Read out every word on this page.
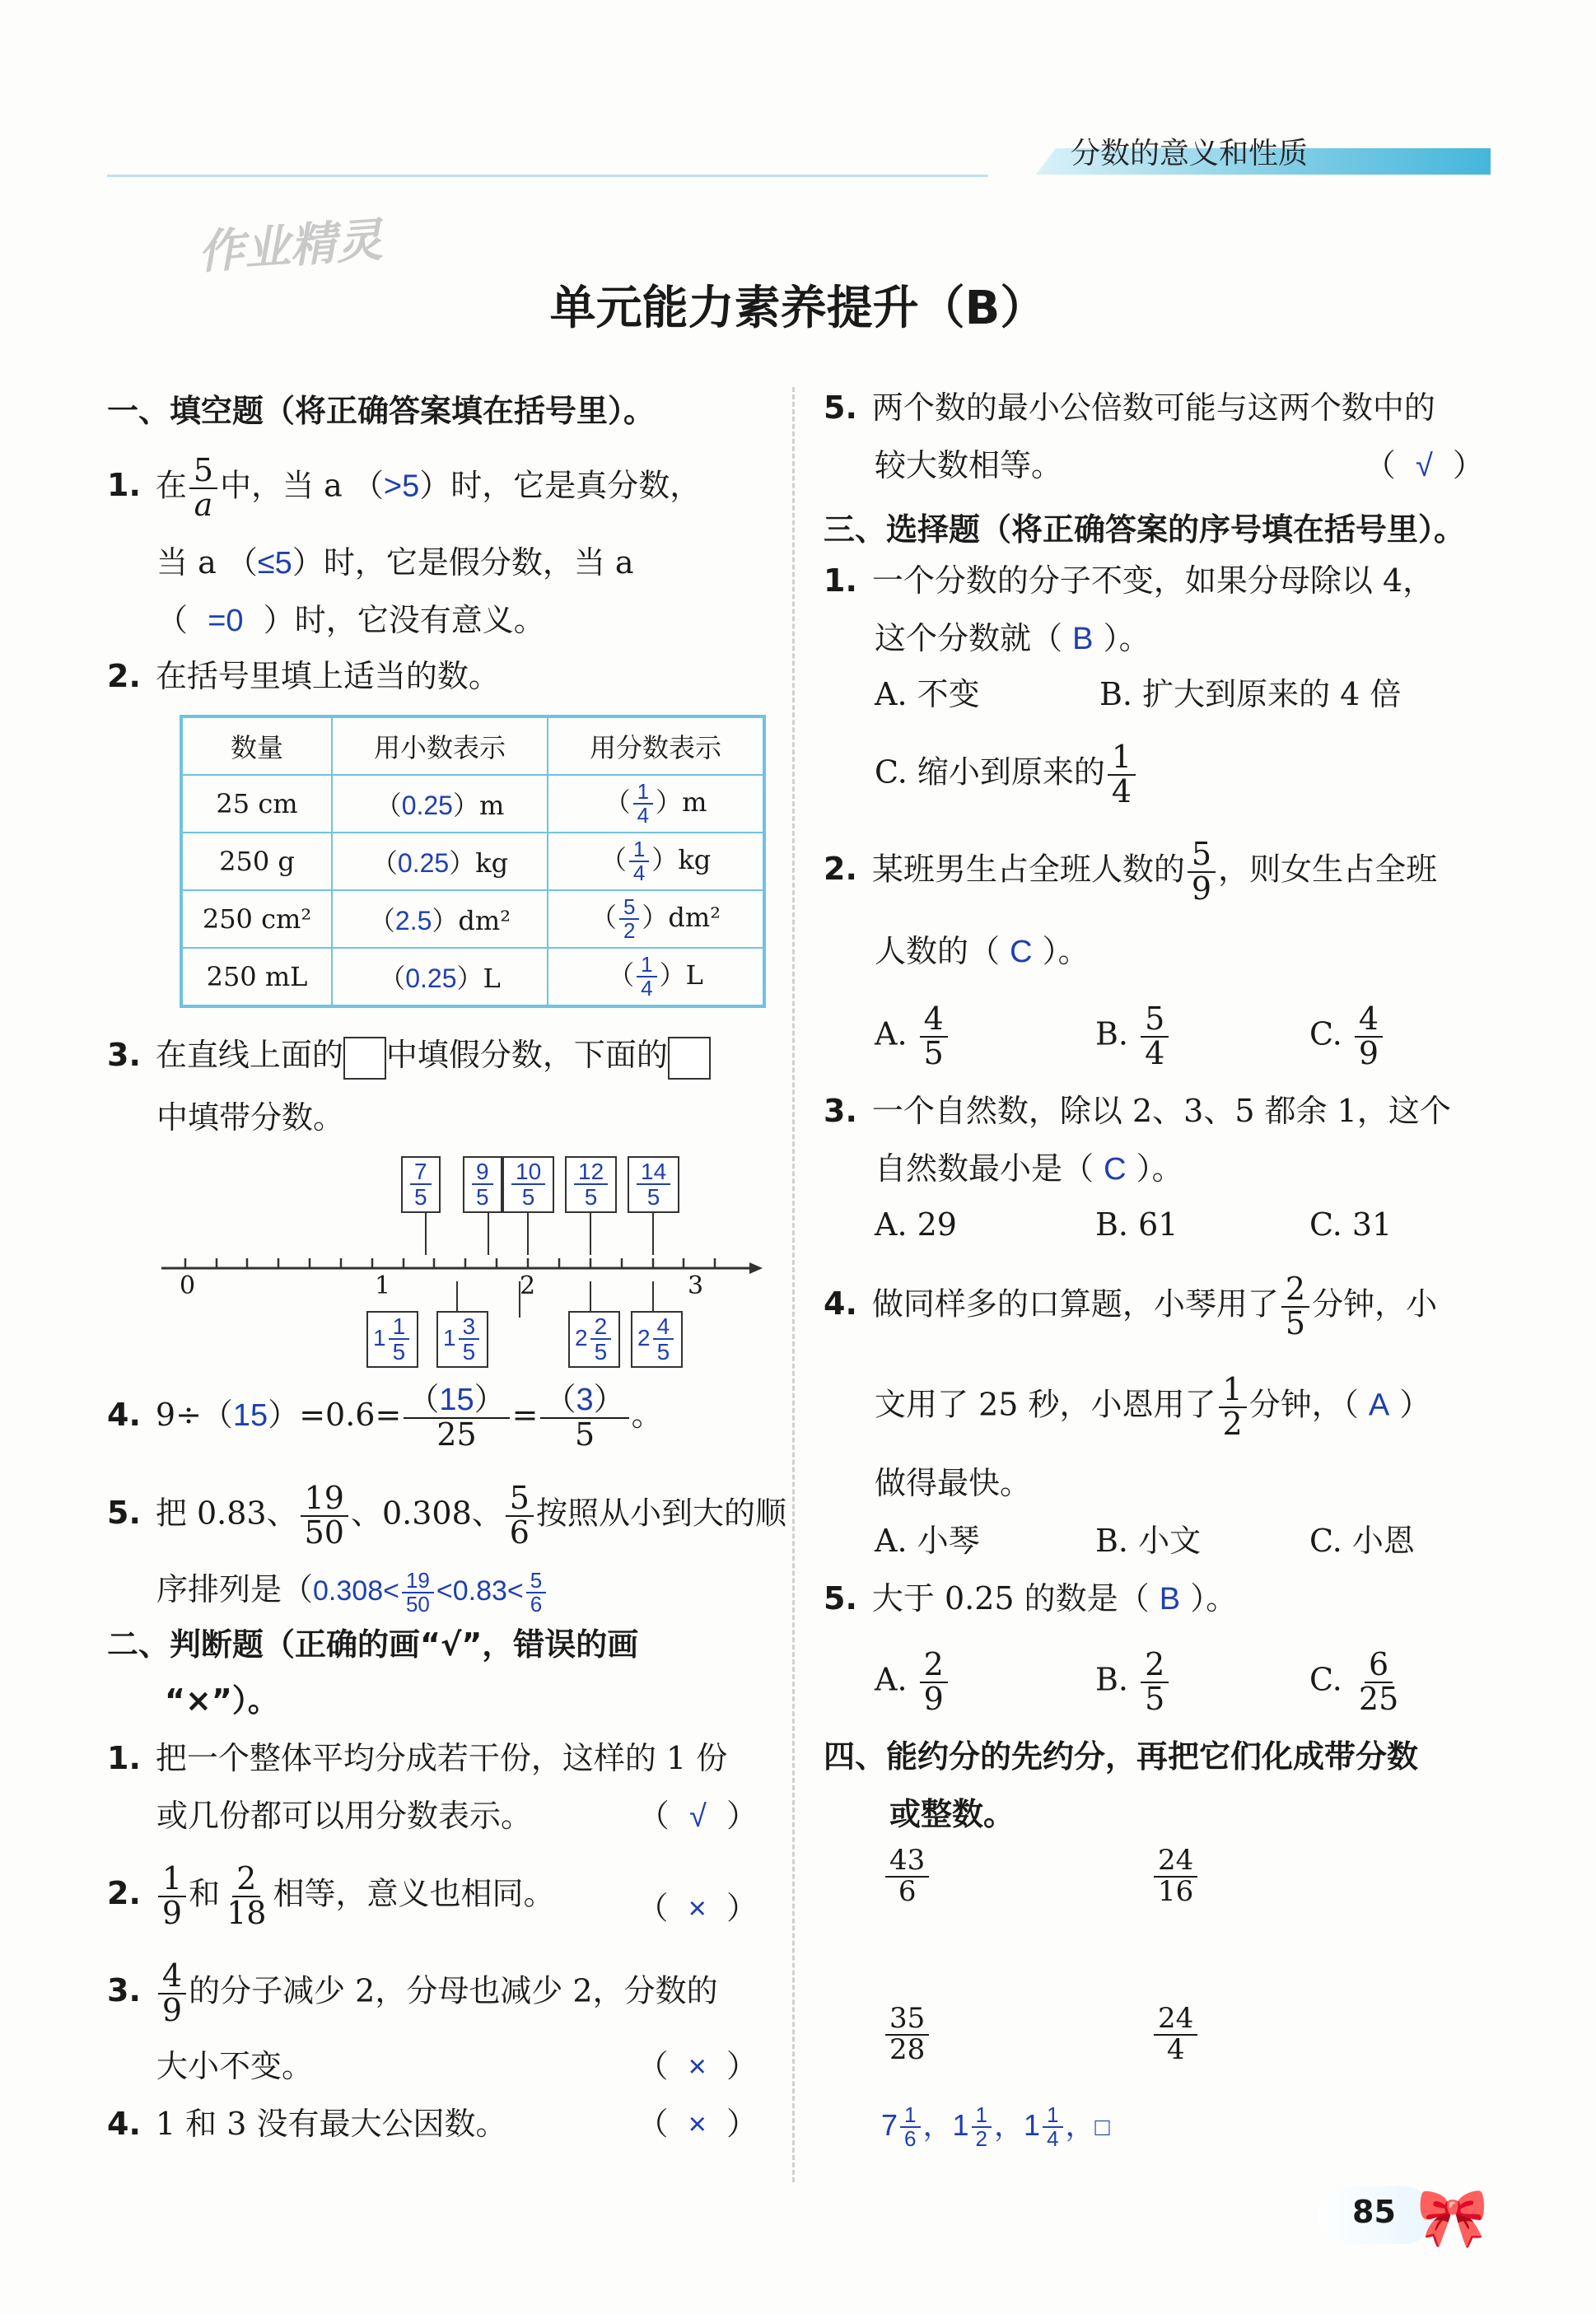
分数的意义和性质
作业精灵
单元能力素养提升（B）
一、填空题（将正确答案填在括号里）。
1. 在 $\frac{5}{a}$ 中，当 a （>5）时，它是真分数，
当 a （≤5）时，它是假分数，当 a
（ =0 ）时，它没有意义。
2. 在括号里填上适当的数。
数量	用小数表示	用分数表示
25 cm	（0.25）m	（ $\frac{1}{4} )m$
250 g	（0.25）kg	（ $\frac{1}{4} )kg$
250 cm²	（2.5）dm²	（ $\frac{5}{2} )dm^2$
250 mL	（0.25）L	（ $\frac{1}{4} )L$
3. 在直线上面的 中填假分数，下面的
中填带分数。
0	1	2	3
$\frac{7}{5} \frac{9}{5} \frac{10}{5} \frac{12}{5} \frac{14}{5}$
$1 \frac{1}{5} 1 \frac{3}{5}$	$2 \frac{2}{5} 2 \frac{4}{5}$
4. $9\div(15)=0.6= \frac{(15)}{25} = \frac{(3)}{5}$ 。
5. 把 0.83、 $\frac{19}{50}$ 、0.308、 $\frac{5}{6}$ 按照从小到大的顺
序排列是（$0.308< \frac{19}{50} <0.83< \frac{5}{6}$
二、判断题（正确的画“√”，错误的画
“×”）。
1. 把一个整体平均分成若干份，这样的 1 份
或几份都可以用分数表示。	（  √  ）
2. $\frac{1}{9}$ 和 $\frac{2}{18}$ 相等，意义也相同。	（  ×  ）
3. $\frac{4}{9}$ 的分子减少 2，分母也减少 2，分数的
大小不变。	（  ×  ）
4. 1 和 3 没有最大公因数。	（  ×  ）
5. 两个数的最小公倍数可能与这两个数中的
较大数相等。	（  √  ）
三、选择题（将正确答案的序号填在括号里）。
1. 一个分数的分子不变，如果分母除以 4，
这个分数就（ B ）。
A. 不变	B. 扩大到原来的 4 倍
C. 缩小到原来的 $\frac{1}{4}$
2. 某班男生占全班人数的 $\frac{5}{9}$ ，则女生占全班
人数的（ C ）。
A. $\frac{4}{5}$	B. $\frac{5}{4}$	C. $\frac{4}{9}$
3. 一个自然数，除以 2、3、5 都余 1，这个
自然数最小是（ C ）。
A. 29	B. 61	C. 31
4. 做同样多的口算题，小琴用了 $\frac{2}{5}$ 分钟，小
文用了 25 秒，小恩用了 $\frac{1}{2}$ 分钟，（ A ）
做得最快。
A. 小琴	B. 小文	C. 小恩
5. 大于 0.25 的数是（ B ）。
A. $\frac{2}{9}$	B. $\frac{2}{5}$	C. $\frac{6}{25}$
四、能约分的先约分，再把它们化成带分数
或整数。
$\frac{43}{6}$	$\frac{24}{16}$
$\frac{35}{28}$	$\frac{24}{4}$
$7 \frac{1}{6}$ ，$1 \frac{1}{2}$ ，$1 \frac{1}{4}$ ，□
85 🎀
